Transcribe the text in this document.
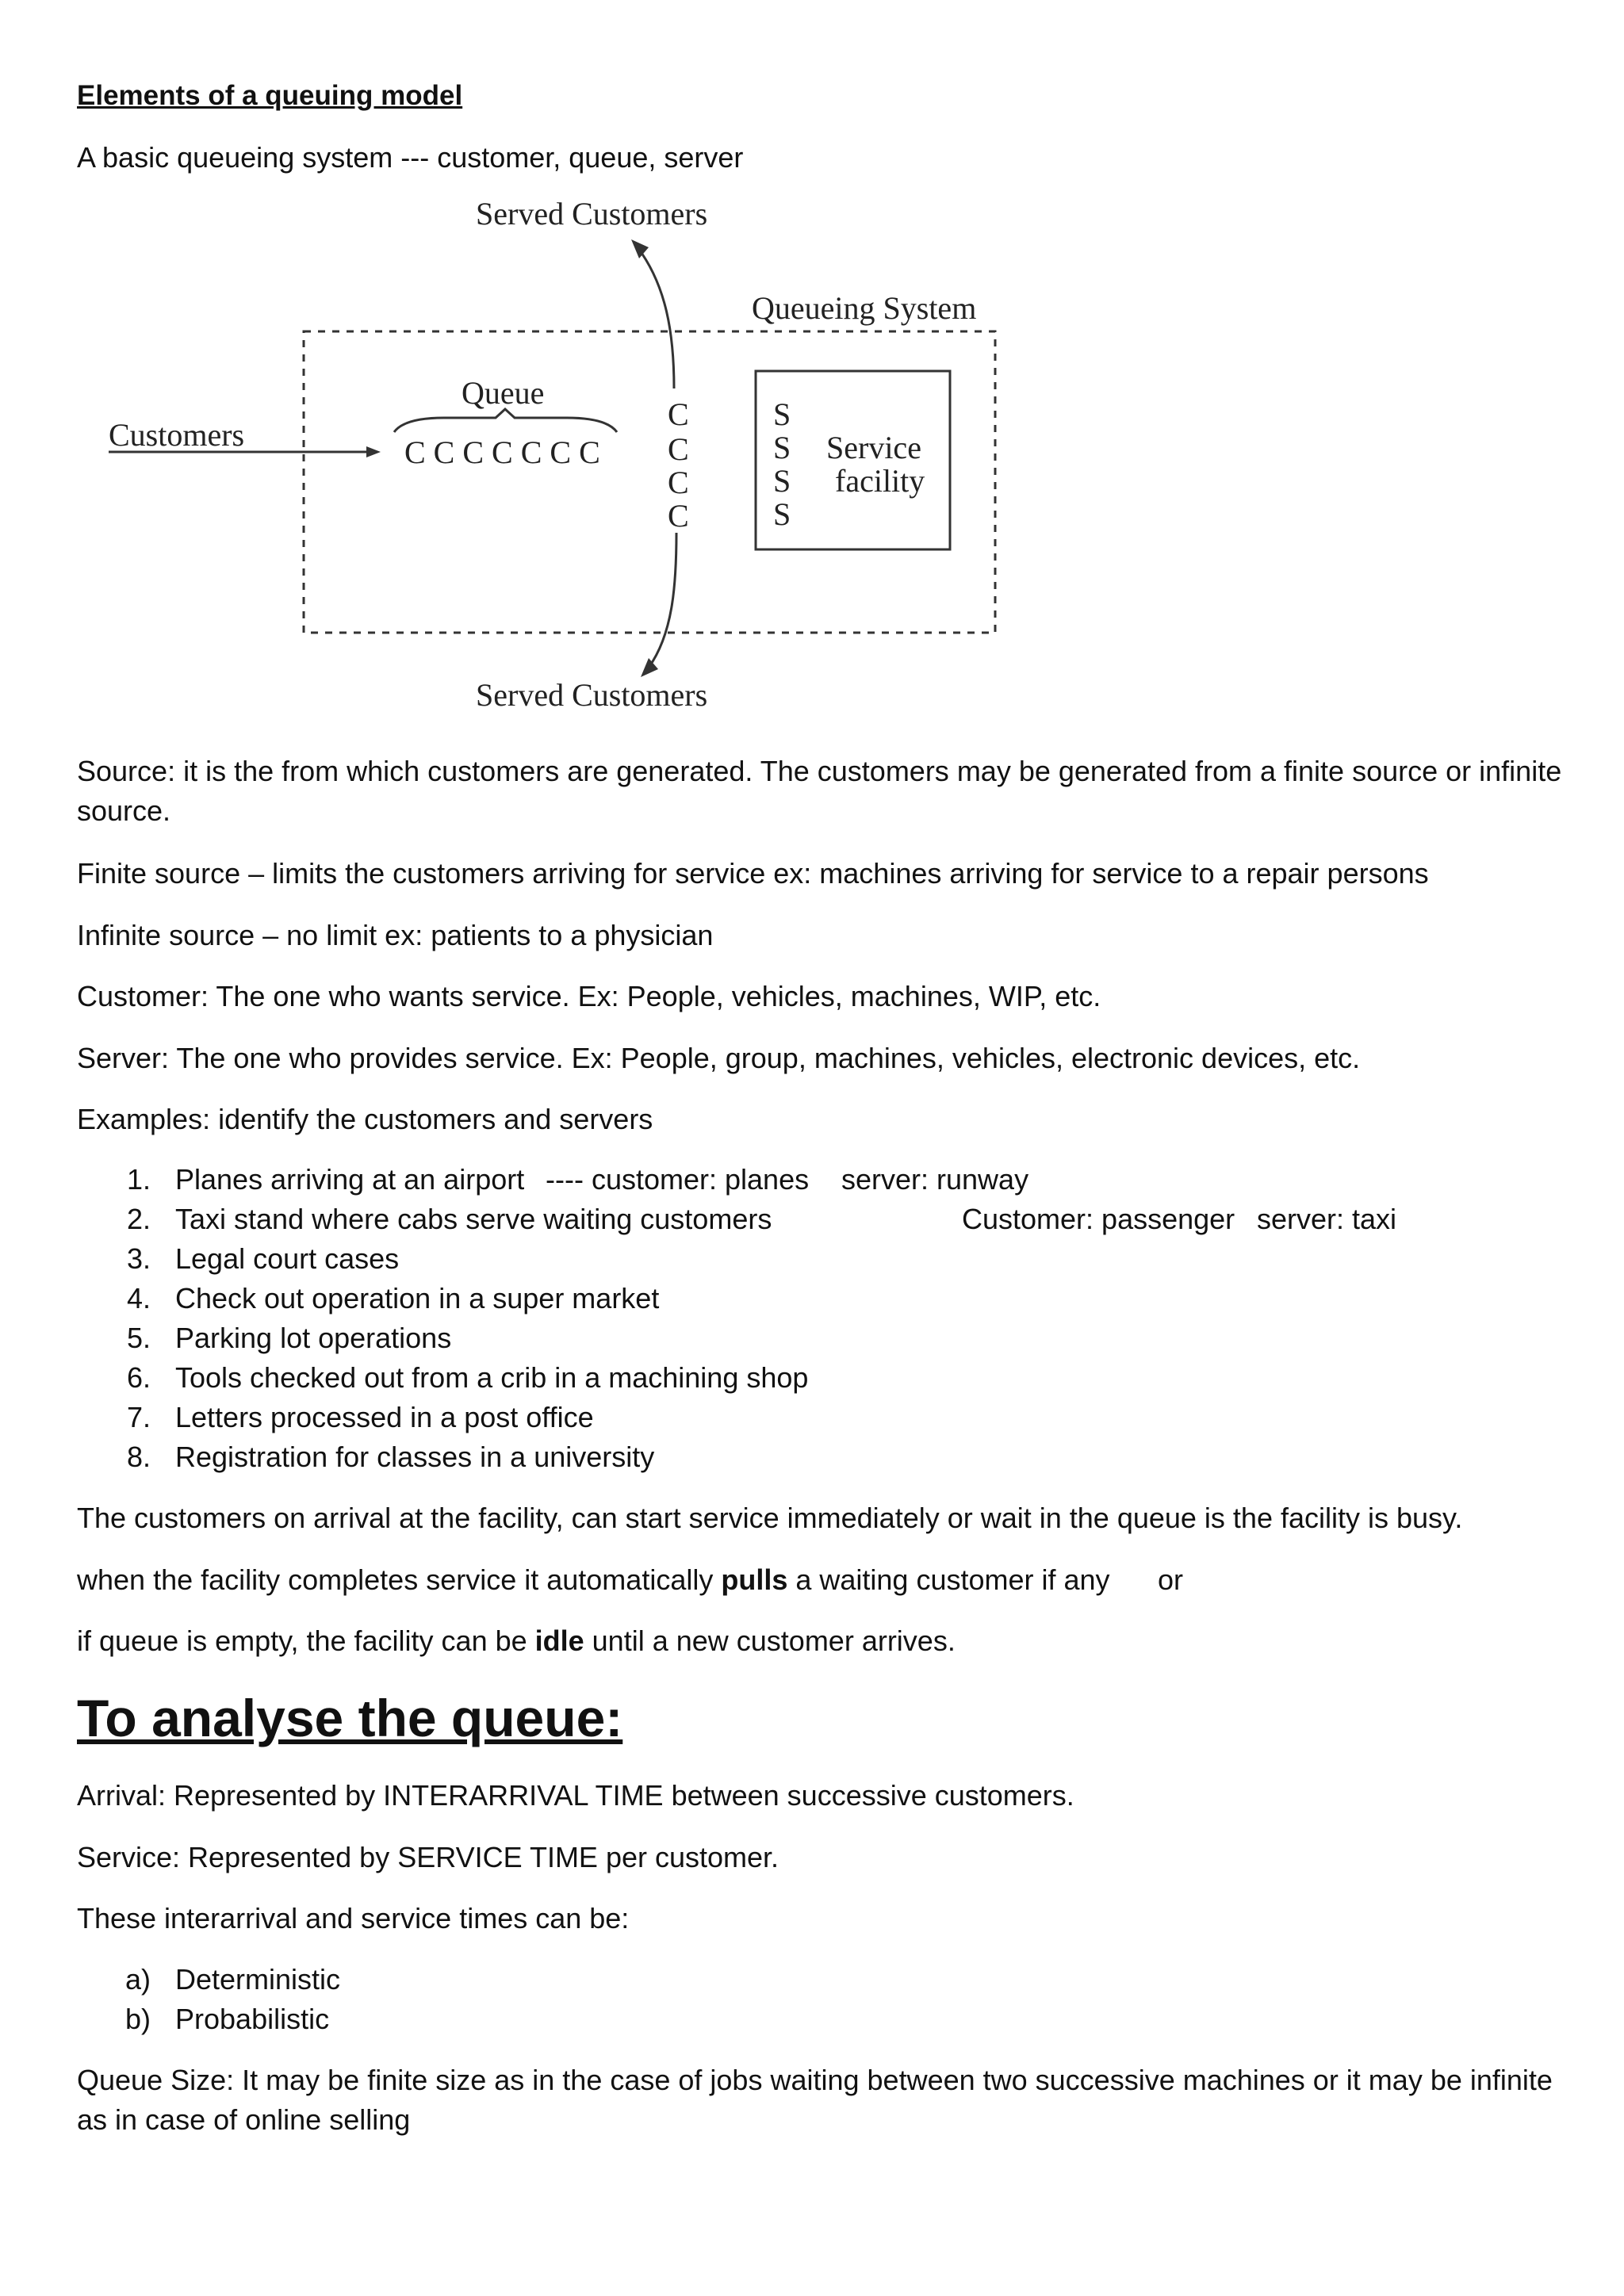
Elements of a queuing model
A basic queueing system --- customer, queue, server
Queueing System
Served Customers
Served Customers
Customers
Queue
C C C C C C C
C
C
C
C
S
S
S
S
Service
facility
Source: it is the from which customers are generated. The customers may be generated from a finite source or infinite source.
Finite source – limits the customers arriving for service ex: machines arriving for service to a repair persons
Infinite source – no limit ex: patients to a physician
Customer: The one who wants service. Ex: People, vehicles, machines, WIP, etc.
Server: The one who provides service. Ex: People, group, machines, vehicles, electronic devices, etc.
Examples: identify the customers and servers
1. Planes arriving at an airport ---- customer: planes server: runway
2. Taxi stand where cabs serve waiting customers	Customer: passenger server: taxi
3. Legal court cases
4. Check out operation in a super market
5. Parking lot operations
6. Tools checked out from a crib in a machining shop
7. Letters processed in a post office
8. Registration for classes in a university
The customers on arrival at the facility, can start service immediately or wait in the queue is the facility is busy.
when the facility completes service it automatically pulls a waiting customer if any or
if queue is empty, the facility can be idle until a new customer arrives.
To analyse the queue:
Arrival: Represented by INTERARRIVAL TIME between successive customers.
Service: Represented by SERVICE TIME per customer.
These interarrival and service times can be:
a) Deterministic
b) Probabilistic
Queue Size: It may be finite size as in the case of jobs waiting between two successive machines or it may be infinite as in case of online selling
